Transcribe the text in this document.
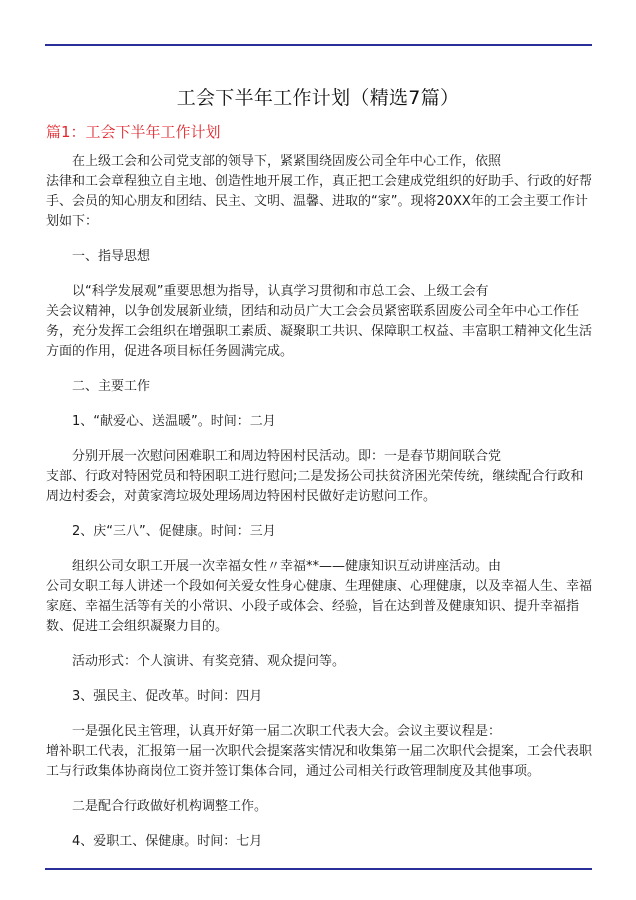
工会下半年工作计划（精选7篇）
篇1：工会下半年工作计划

在上级工会和公司党支部的领导下，紧紧围绕固废公司全年中心工作，依照
法律和工会章程独立自主地、创造性地开展工作，真正把工会建成党组织的好助手、行政的好帮手、会员的知心朋友和团结、民主、文明、温馨、进取的“家”。现将20XX年的工会主要工作计划如下：

一、指导思想

以“科学发展观”重要思想为指导，认真学习贯彻和市总工会、上级工会有
关会议精神，以争创发展新业绩，团结和动员广大工会会员紧密联系固废公司全年中心工作任务，充分发挥工会组织在增强职工素质、凝聚职工共识、保障职工权益、丰富职工精神文化生活方面的作用，促进各项目标任务圆满完成。

二、主要工作

1、“献爱心、送温暖”。时间：二月

分别开展一次慰问困难职工和周边特困村民活动。即：一是春节期间联合党
支部、行政对特困党员和特困职工进行慰问;二是发扬公司扶贫济困光荣传统，继续配合行政和周边村委会，对黄家湾垃圾处理场周边特困村民做好走访慰问工作。

2、庆“三八”、促健康。时间：三月

组织公司女职工开展一次幸福女性〃幸福**——健康知识互动讲座活动。由
公司女职工每人讲述一个段如何关爱女性身心健康、生理健康、心理健康，以及幸福人生、幸福家庭、幸福生活等有关的小常识、小段子或体会、经验，旨在达到普及健康知识、提升幸福指数、促进工会组织凝聚力目的。

活动形式：个人演讲、有奖竞猜、观众提问等。

3、强民主、促改革。时间：四月

一是强化民主管理，认真开好第一届二次职工代表大会。会议主要议程是：
增补职工代表，汇报第一届一次职代会提案落实情况和收集第一届二次职代会提案，工会代表职工与行政集体协商岗位工资并签订集体合同，通过公司相关行政管理制度及其他事项。

二是配合行政做好机构调整工作。

4、爱职工、保健康。时间：七月
